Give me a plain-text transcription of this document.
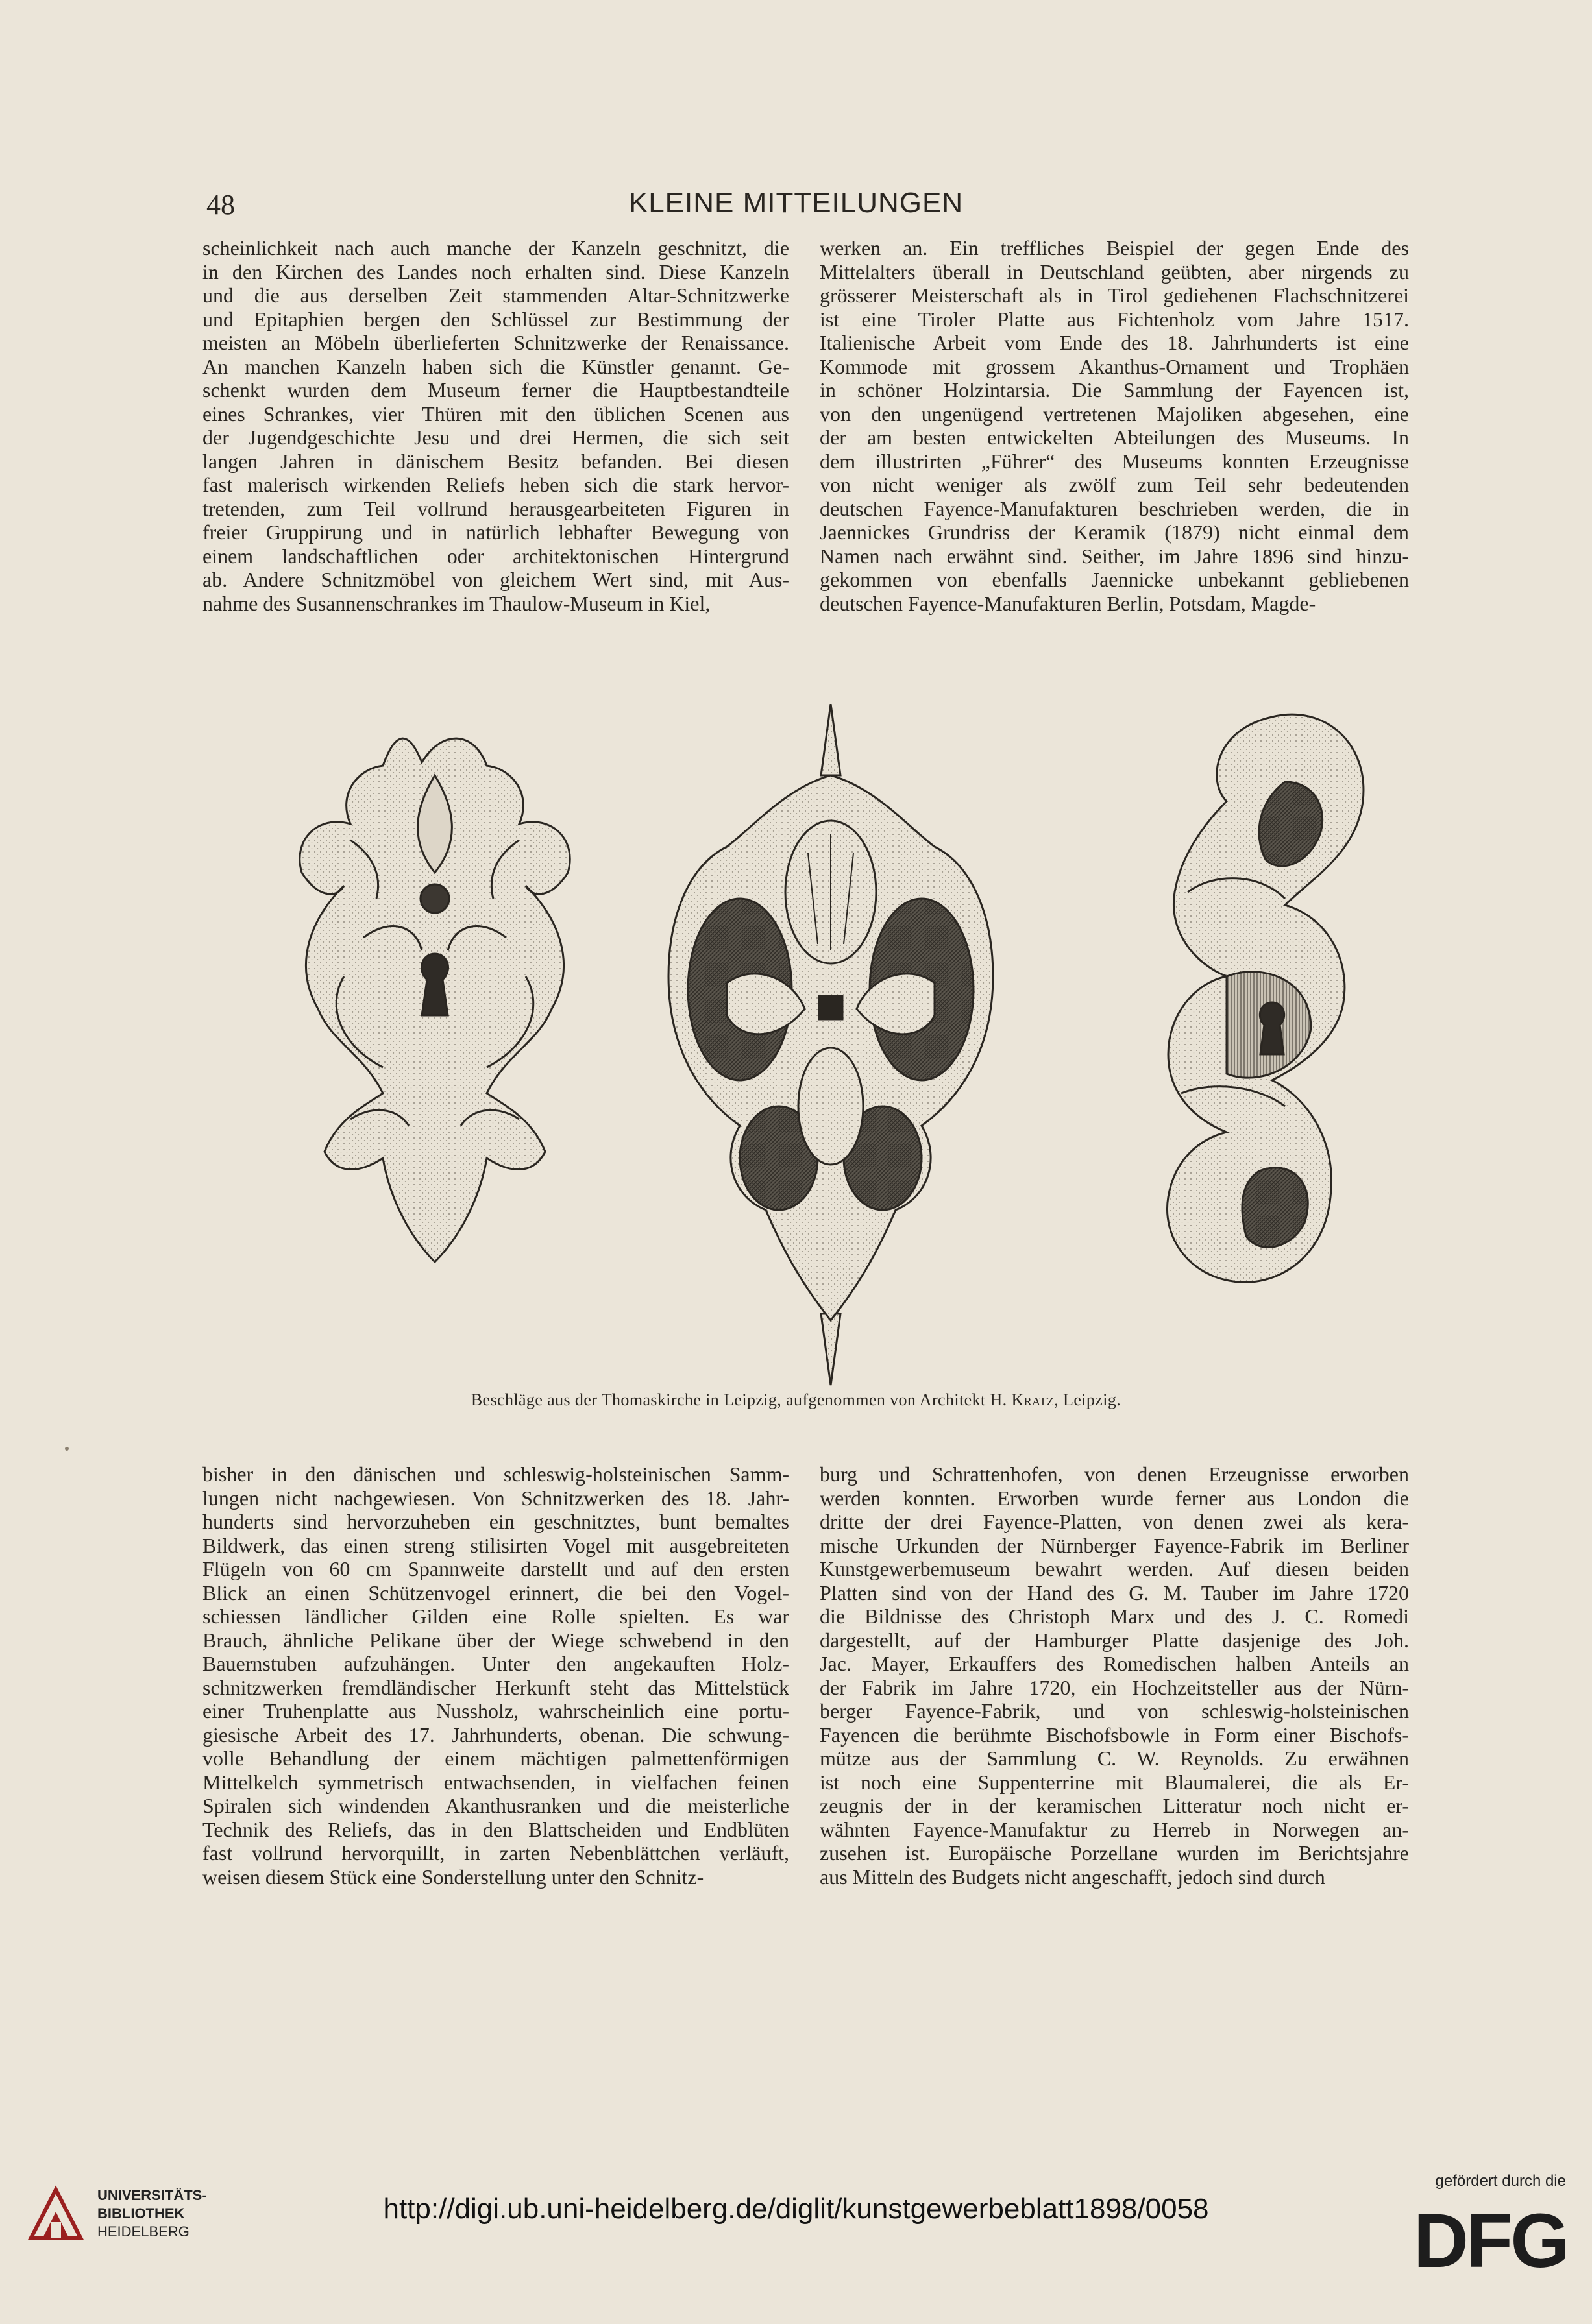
48	KLEINE MITTEILUNGEN
scheinlichkeit nach auch manche der Kanzeln geschnitzt, die
in den Kirchen des Landes noch erhalten sind. Diese Kanzeln
und die aus derselben Zeit stammenden Altar-Schnitzwerke
und Epitaphien bergen den Schlüssel zur Bestimmung der
meisten an Möbeln überlieferten Schnitzwerke der Renaissance.
An manchen Kanzeln haben sich die Künstler genannt. Ge-
schenkt wurden dem Museum ferner die Hauptbestandteile
eines Schrankes, vier Thüren mit den üblichen Scenen aus
der Jugendgeschichte Jesu und drei Hermen, die sich seit
langen Jahren in dänischem Besitz befanden. Bei diesen
fast malerisch wirkenden Reliefs heben sich die stark hervor-
tretenden, zum Teil vollrund herausgearbeiteten Figuren in
freier Gruppirung und in natürlich lebhafter Bewegung von
einem landschaftlichen oder architektonischen Hintergrund
ab. Andere Schnitzmöbel von gleichem Wert sind, mit Aus-
nahme des Susannenschrankes im Thaulow-Museum in Kiel,
werken an. Ein treffliches Beispiel der gegen Ende des
Mittelalters überall in Deutschland geübten, aber nirgends zu
grösserer Meisterschaft als in Tirol gediehenen Flachschnitzerei
ist eine Tiroler Platte aus Fichtenholz vom Jahre 1517.
Italienische Arbeit vom Ende des 18. Jahrhunderts ist eine
Kommode mit grossem Akanthus-Ornament und Trophäen
in schöner Holzintarsia. Die Sammlung der Fayencen ist,
von den ungenügend vertretenen Majoliken abgesehen, eine
der am besten entwickelten Abteilungen des Museums. In
dem illustrirten „Führer“ des Museums konnten Erzeugnisse
von nicht weniger als zwölf zum Teil sehr bedeutenden
deutschen Fayence-Manufakturen beschrieben werden, die in
Jaennickes Grundriss der Keramik (1879) nicht einmal dem
Namen nach erwähnt sind. Seither, im Jahre 1896 sind hinzu-
gekommen von ebenfalls Jaennicke unbekannt gebliebenen
deutschen Fayence-Manufakturen Berlin, Potsdam, Magde-
Beschläge aus der Thomaskirche in Leipzig, aufgenommen von Architekt H. Kratz, Leipzig.
bisher in den dänischen und schleswig-holsteinischen Samm-
lungen nicht nachgewiesen. Von Schnitzwerken des 18. Jahr-
hunderts sind hervorzuheben ein geschnitztes, bunt bemaltes
Bildwerk, das einen streng stilisirten Vogel mit ausgebreiteten
Flügeln von 60 cm Spannweite darstellt und auf den ersten
Blick an einen Schützenvogel erinnert, die bei den Vogel-
schiessen ländlicher Gilden eine Rolle spielten. Es war
Brauch, ähnliche Pelikane über der Wiege schwebend in den
Bauernstuben aufzuhängen. Unter den angekauften Holz-
schnitzwerken fremdländischer Herkunft steht das Mittelstück
einer Truhenplatte aus Nussholz, wahrscheinlich eine portu-
giesische Arbeit des 17. Jahrhunderts, obenan. Die schwung-
volle Behandlung der einem mächtigen palmettenförmigen
Mittelkelch symmetrisch entwachsenden, in vielfachen feinen
Spiralen sich windenden Akanthusranken und die meisterliche
Technik des Reliefs, das in den Blattscheiden und Endblüten
fast vollrund hervorquillt, in zarten Nebenblättchen verläuft,
weisen diesem Stück eine Sonderstellung unter den Schnitz-
burg und Schrattenhofen, von denen Erzeugnisse erworben
werden konnten. Erworben wurde ferner aus London die
dritte der drei Fayence-Platten, von denen zwei als kera-
mische Urkunden der Nürnberger Fayence-Fabrik im Berliner
Kunstgewerbemuseum bewahrt werden. Auf diesen beiden
Platten sind von der Hand des G. M. Tauber im Jahre 1720
die Bildnisse des Christoph Marx und des J. C. Romedi
dargestellt, auf der Hamburger Platte dasjenige des Joh.
Jac. Mayer, Erkauffers des Romedischen halben Anteils an
der Fabrik im Jahre 1720, ein Hochzeitsteller aus der Nürn-
berger Fayence-Fabrik, und von schleswig-holsteinischen
Fayencen die berühmte Bischofsbowle in Form einer Bischofs-
mütze aus der Sammlung C. W. Reynolds. Zu erwähnen
ist noch eine Suppenterrine mit Blaumalerei, die als Er-
zeugnis der in der keramischen Litteratur noch nicht er-
wähnten Fayence-Manufaktur zu Herreb in Norwegen an-
zusehen ist. Europäische Porzellane wurden im Berichtsjahre
aus Mitteln des Budgets nicht angeschafft, jedoch sind durch
UNIVERSITÄTS-
BIBLIOTHEK
HEIDELBERG
http://digi.ub.uni-heidelberg.de/diglit/kunstgewerbeblatt1898/0058
gefördert durch die
DFG
